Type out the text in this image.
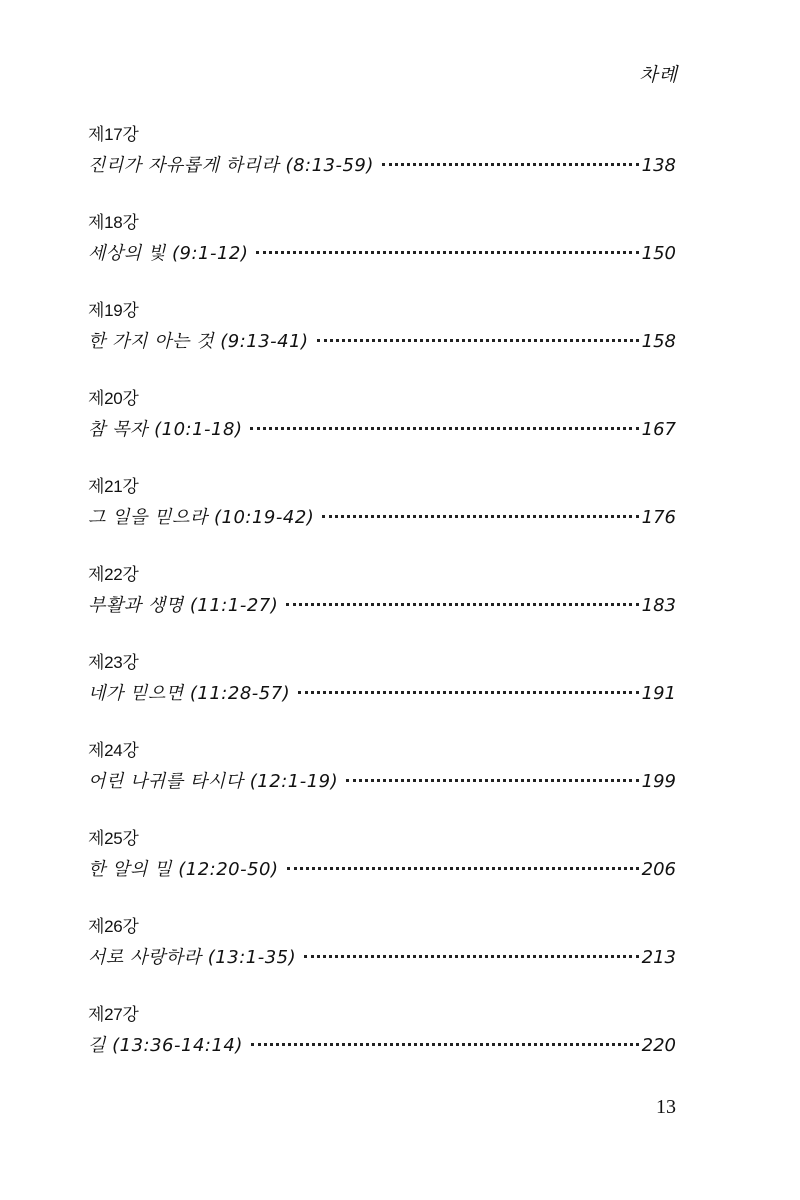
차례
제17강
진리가 자유롭게 하리라 (8:13-59)	138
제18강
세상의 빛 (9:1-12)	150
제19강
한 가지 아는 것 (9:13-41)	158
제20강
참 목자 (10:1-18)	167
제21강
그 일을 믿으라 (10:19-42)	176
제22강
부활과 생명 (11:1-27)	183
제23강
네가 믿으면 (11:28-57)	191
제24강
어린 나귀를 타시다 (12:1-19)	199
제25강
한 알의 밀 (12:20-50)	206
제26강
서로 사랑하라 (13:1-35)	213
제27강
길 (13:36-14:14)	220
13
